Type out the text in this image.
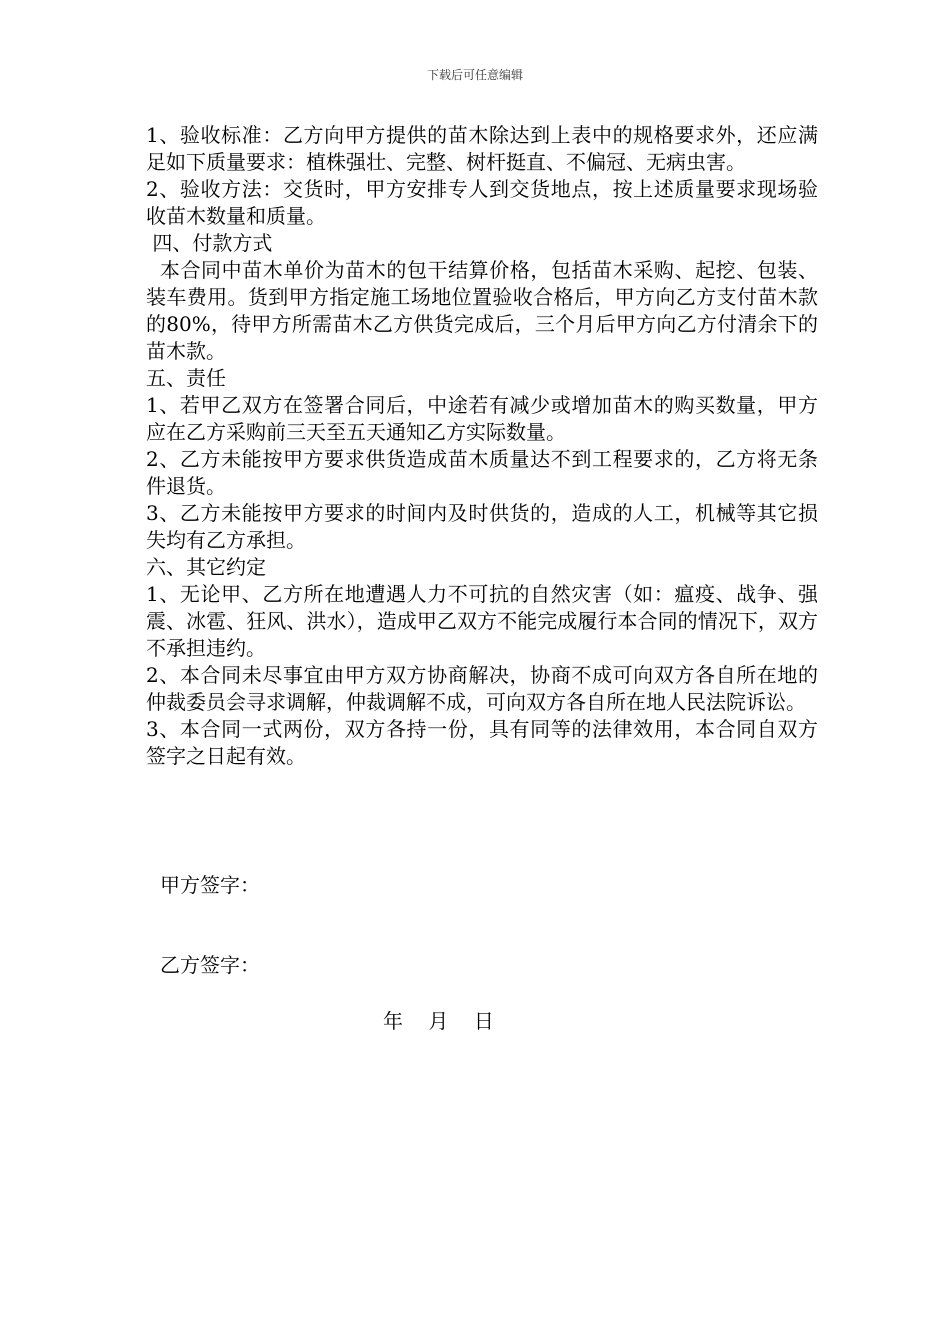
下载后可任意编辑

1、验收标准：乙方向甲方提供的苗木除达到上表中的规格要求外，还应满足如下质量要求：植株强壮、完整、树杆挺直、不偏冠、无病虫害。

2、验收方法：交货时，甲方安排专人到交货地点，按上述质量要求现场验收苗木数量和质量。

四、付款方式

本合同中苗木单价为苗木的包干结算价格，包括苗木采购、起挖、包装、装车费用。货到甲方指定施工场地位置验收合格后，甲方向乙方支付苗木款的80%，待甲方所需苗木乙方供货完成后，三个月后甲方向乙方付清余下的苗木款。

五、责任

1、若甲乙双方在签署合同后，中途若有减少或增加苗木的购买数量，甲方应在乙方采购前三天至五天通知乙方实际数量。

2、乙方未能按甲方要求供货造成苗木质量达不到工程要求的，乙方将无条件退货。

3、乙方未能按甲方要求的时间内及时供货的，造成的人工，机械等其它损失均有乙方承担。

六、其它约定

1、无论甲、乙方所在地遭遇人力不可抗的自然灾害（如：瘟疫、战争、强震、冰雹、狂风、洪水），造成甲乙双方不能完成履行本合同的情况下，双方不承担违约。

2、本合同未尽事宜由甲方双方协商解决，协商不成可向双方各自所在地的仲裁委员会寻求调解，仲裁调解不成，可向双方各自所在地人民法院诉讼。

3、本合同一式两份，双方各持一份，具有同等的法律效用，本合同自双方签字之日起有效。

甲方签字：
乙方签字：
年    月    日
